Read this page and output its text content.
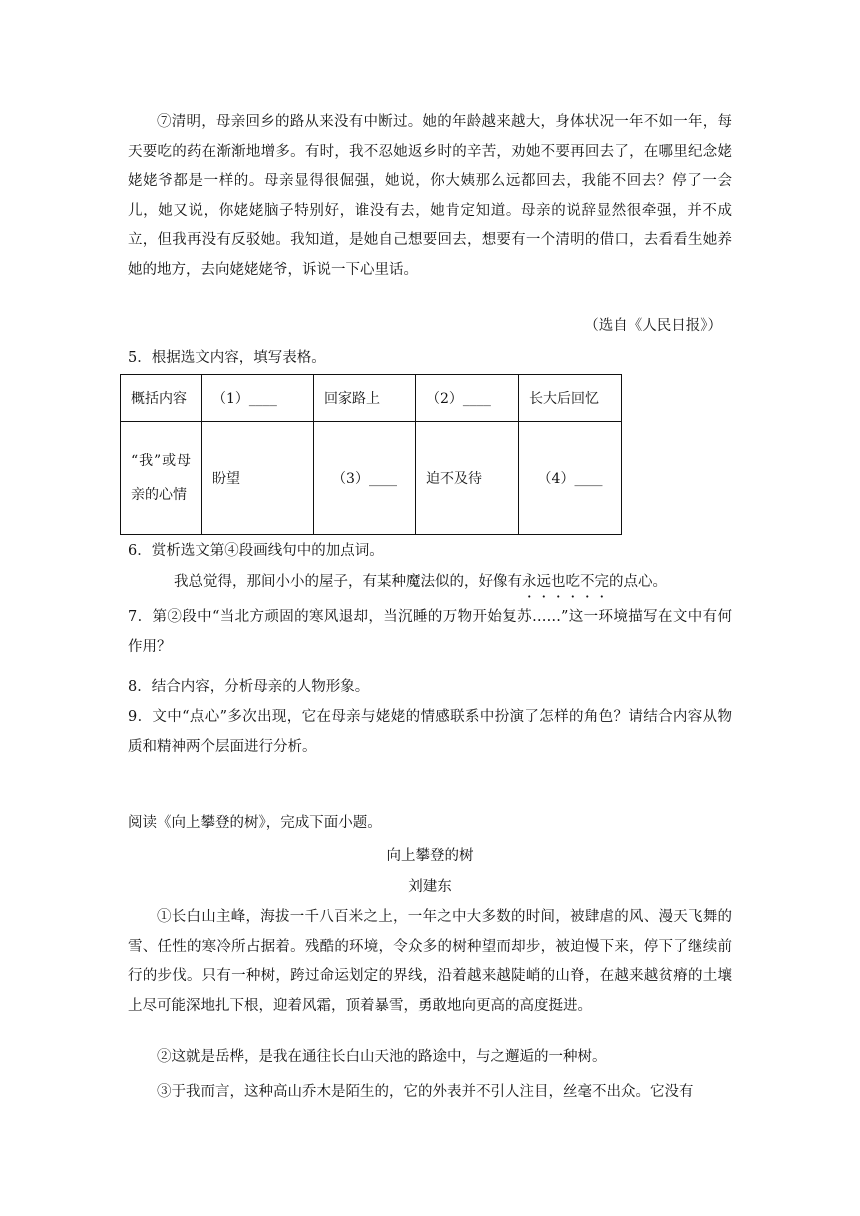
⑦清明，母亲回乡的路从来没有中断过。她的年龄越来越大，身体状况一年不如一年，每天要吃的药在渐渐地增多。有时，我不忍她返乡时的辛苦，劝她不要再回去了，在哪里纪念姥姥姥爷都是一样的。母亲显得很倔强，她说，你大姨那么远都回去，我能不回去？停了一会儿，她又说，你姥姥脑子特别好，谁没有去，她肯定知道。母亲的说辞显然很牵强，并不成立，但我再没有反驳她。我知道，是她自己想要回去，想要有一个清明的借口，去看看生她养她的地方，去向姥姥姥爷，诉说一下心里话。

（选自《人民日报》）

5．根据选文内容，填写表格。

概括内容	（1） ____	回家路上	（2） ____	长大后回忆
“我”或母亲的心情	盼望	（3） ____	迫不及待	（4） ____

6．赏析选文第④段画线句中的加点词。

我总觉得，那间小小的屋子，有某种魔法似的，好像有永远也吃不完的点心。

7．第②段中“当北方顽固的寒风退却，当沉睡的万物开始复苏……”这一环境描写在文中有何作用？

8．结合内容，分析母亲的人物形象。

9．文中“点心”多次出现，它在母亲与姥姥的情感联系中扮演了怎样的角色？请结合内容从物质和精神两个层面进行分析。

阅读《向上攀登的树》，完成下面小题。

向上攀登的树

刘建东

①长白山主峰，海拔一千八百米之上，一年之中大多数的时间，被肆虐的风、漫天飞舞的雪、任性的寒冷所占据着。残酷的环境，令众多的树种望而却步，被迫慢下来，停下了继续前行的步伐。只有一种树，跨过命运划定的界线，沿着越来越陡峭的山脊，在越来越贫瘠的土壤上尽可能深地扎下根，迎着风霜，顶着暴雪，勇敢地向更高的高度挺进。

②这就是岳桦，是我在通往长白山天池的路途中，与之邂逅的一种树。

③于我而言，这种高山乔木是陌生的，它的外表并不引人注目，丝毫不出众。它没有
